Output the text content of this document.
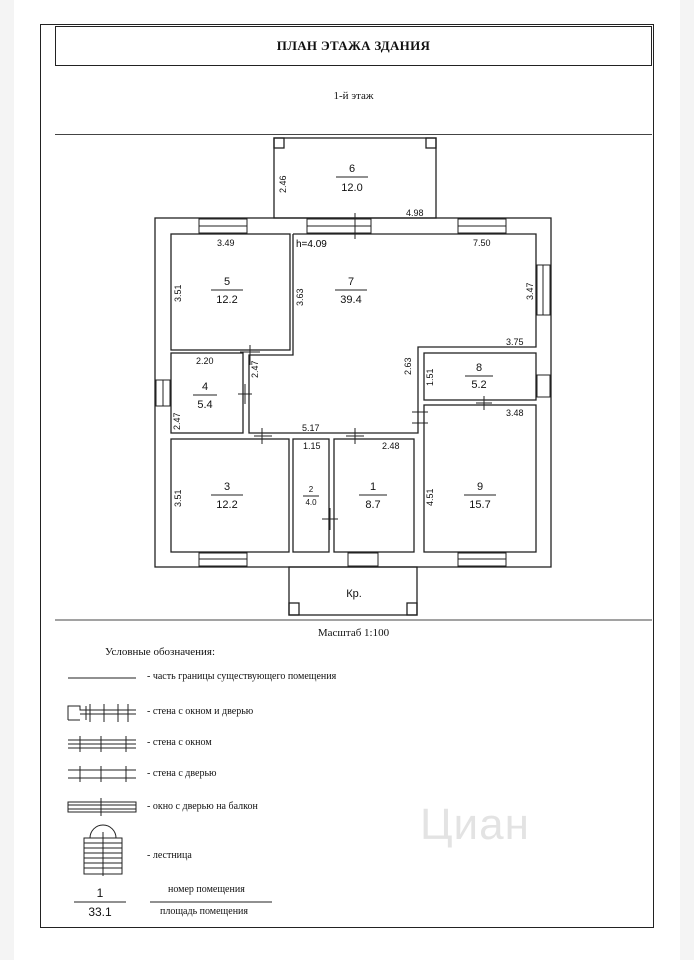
ПЛАН ЭТАЖА ЗДАНИЯ
1-й этаж
6
12.0
5
12.2
7
39.4
4
5.4
8
5.2
3
12.2
2
4.0
1
8.7
9
15.7
Кр.
h=4.09
2.46
4.98
3.49	7.50
3.51	3.63	3.47
3.75
2.20	2.47	2.63
1.51
2.47	5.17
3.48
1.15	2.48
3.51	4.51
1
33.1
Масштаб 1:100
Условные обозначения:
- часть границы существующего помещения
- стена с окном и дверью
- стена с окном
- стена с дверью
- окно с дверью на балкон
- лестница
номер помещения
площадь помещения
Циан
